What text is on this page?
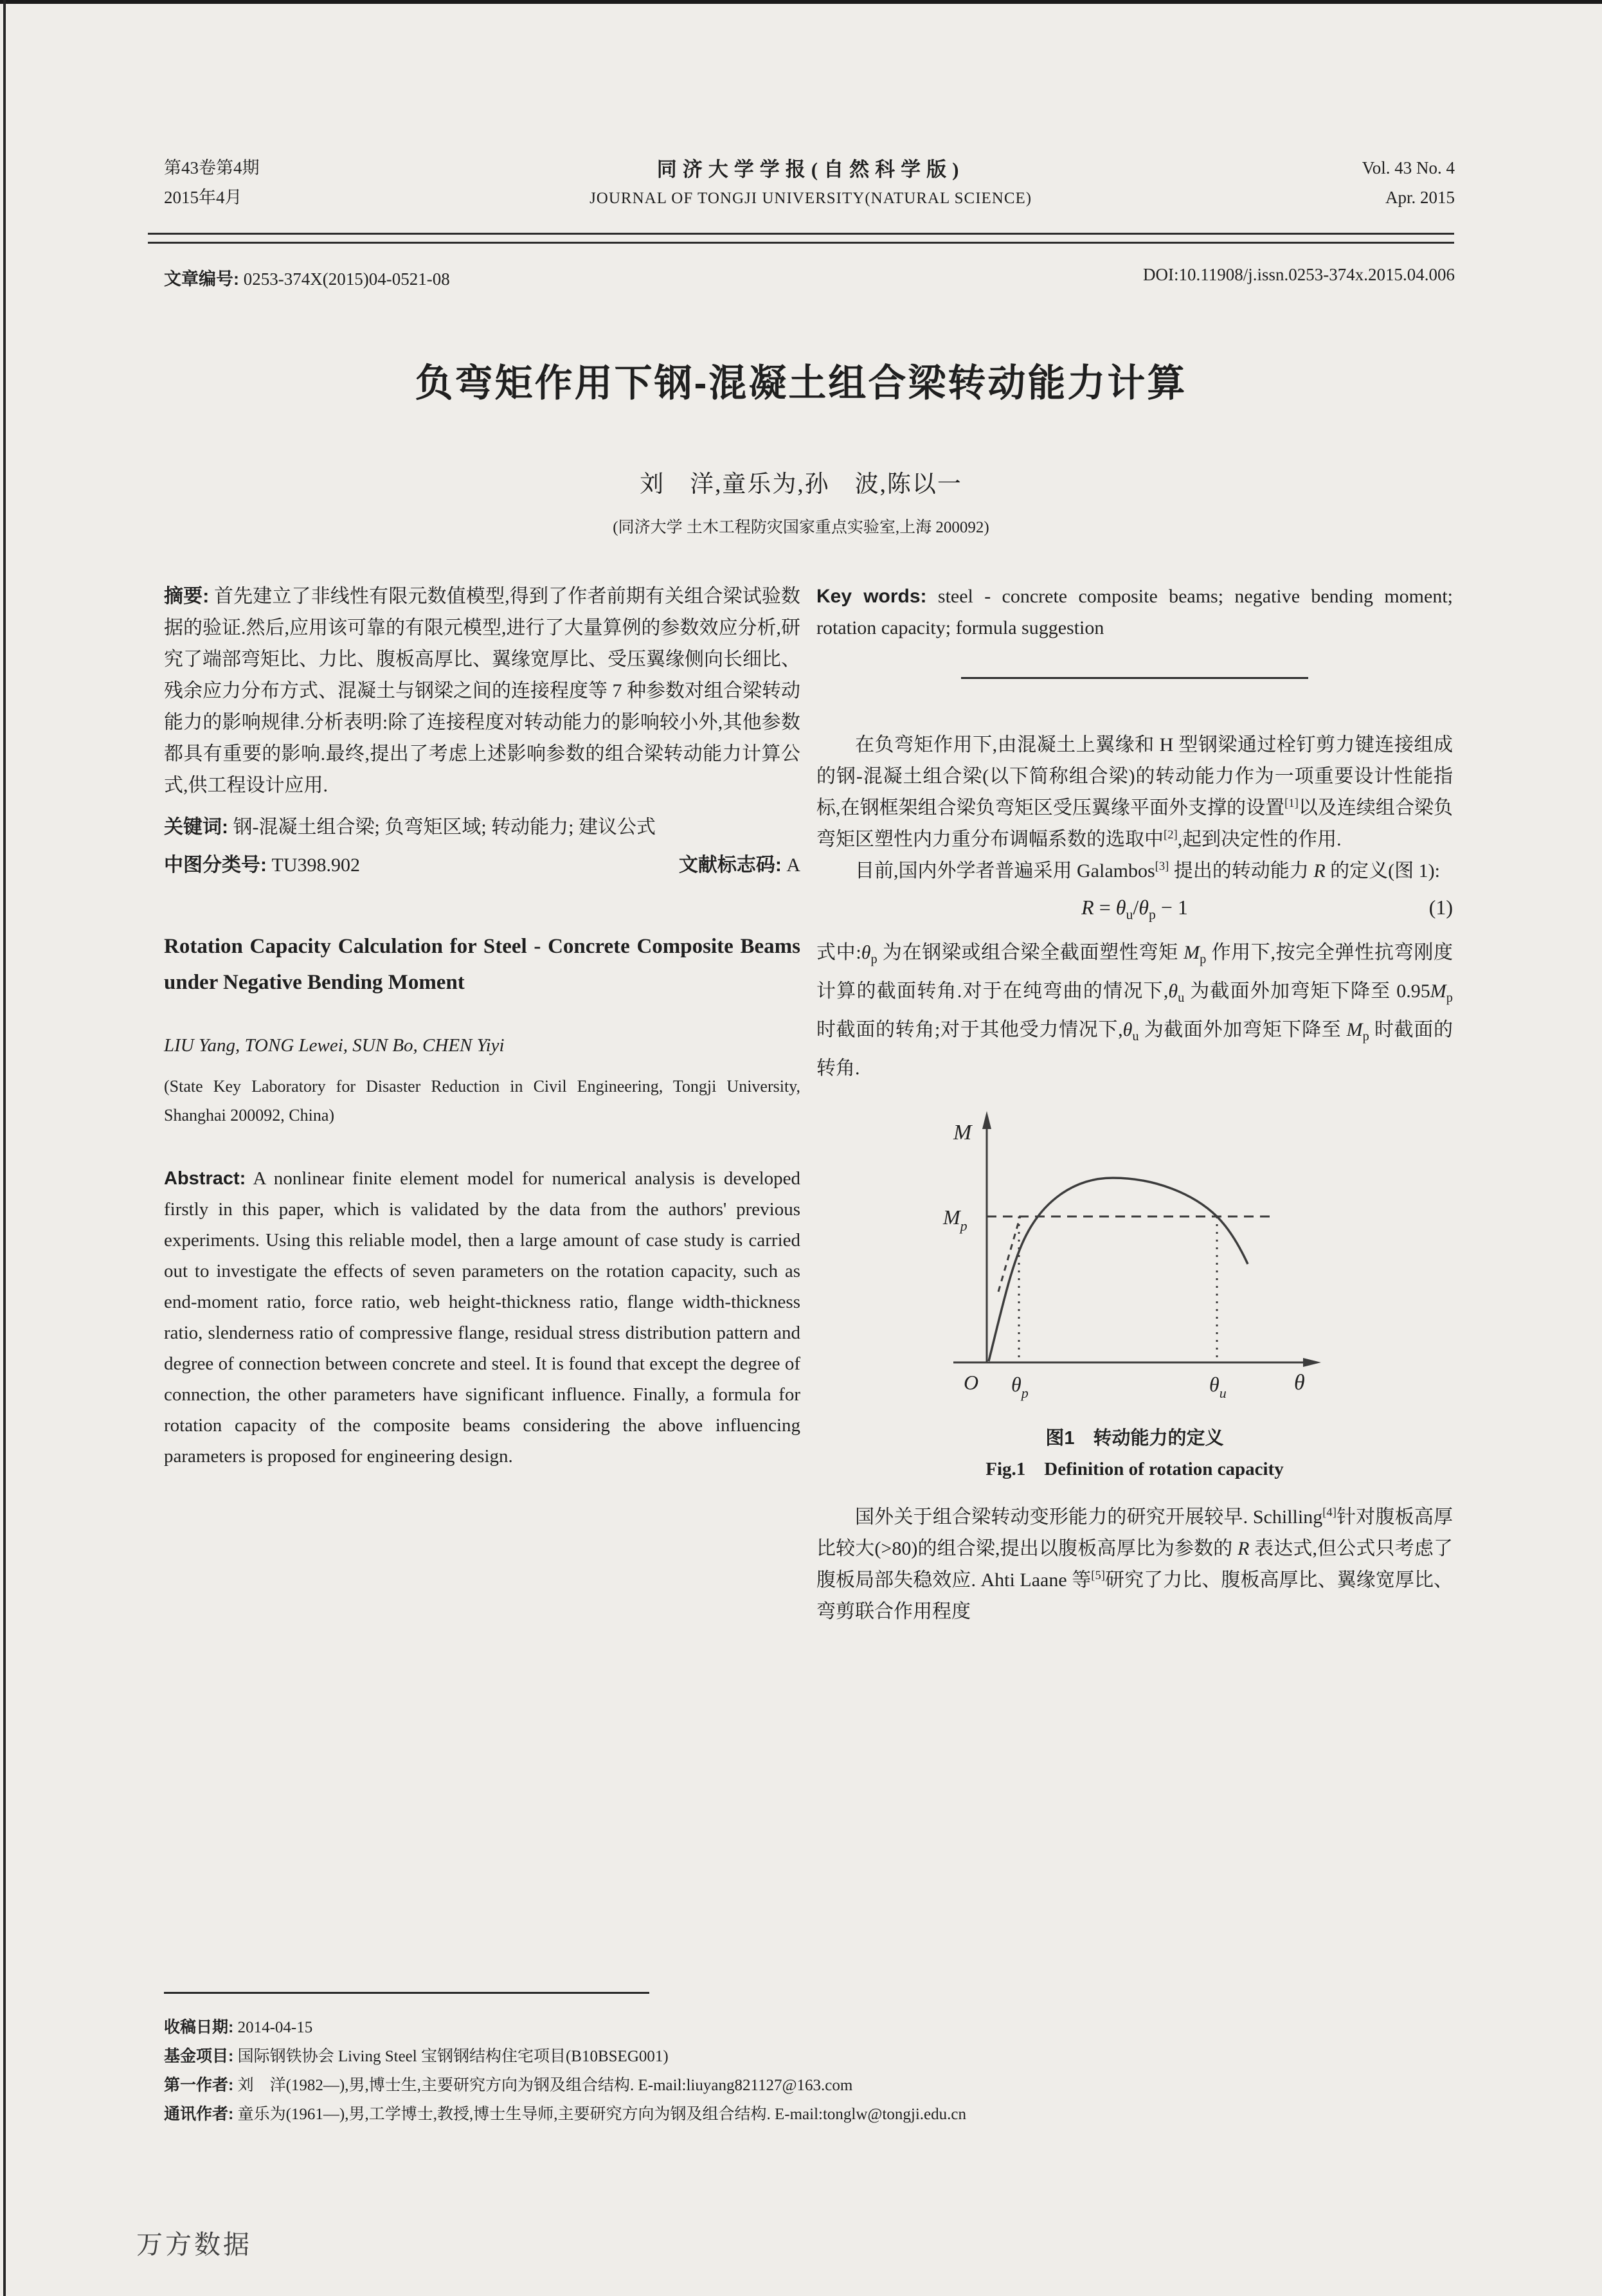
第43卷第4期
2015年4月
同济大学学报(自然科学版)
JOURNAL OF TONGJI UNIVERSITY(NATURAL SCIENCE)
Vol. 43 No. 4
Apr. 2015
文章编号: 0253-374X(2015)04-0521-08	DOI:10.11908/j.issn.0253-374x.2015.04.006
负弯矩作用下钢-混凝土组合梁转动能力计算
刘　洋,童乐为,孙　波,陈以一
(同济大学 土木工程防灾国家重点实验室,上海 200092)
摘要: 首先建立了非线性有限元数值模型,得到了作者前期有关组合梁试验数据的验证.然后,应用该可靠的有限元模型,进行了大量算例的参数效应分析,研究了端部弯矩比、力比、腹板高厚比、翼缘宽厚比、受压翼缘侧向长细比、残余应力分布方式、混凝土与钢梁之间的连接程度等 7 种参数对组合梁转动能力的影响规律.分析表明:除了连接程度对转动能力的影响较小外,其他参数都具有重要的影响.最终,提出了考虑上述影响参数的组合梁转动能力计算公式,供工程设计应用.
关键词: 钢-混凝土组合梁; 负弯矩区域; 转动能力; 建议公式
中图分类号: TU398.902	文献标志码: A
Rotation Capacity Calculation for Steel - Concrete Composite Beams under Negative Bending Moment
LIU Yang, TONG Lewei, SUN Bo, CHEN Yiyi
(State Key Laboratory for Disaster Reduction in Civil Engineering, Tongji University, Shanghai 200092, China)
Abstract: A nonlinear finite element model for numerical analysis is developed firstly in this paper, which is validated by the data from the authors' previous experiments. Using this reliable model, then a large amount of case study is carried out to investigate the effects of seven parameters on the rotation capacity, such as end-moment ratio, force ratio, web height-thickness ratio, flange width-thickness ratio, slenderness ratio of compressive flange, residual stress distribution pattern and degree of connection between concrete and steel. It is found that except the degree of connection, the other parameters have significant influence. Finally, a formula for rotation capacity of the composite beams considering the above influencing parameters is proposed for engineering design.
Key words: steel - concrete composite beams; negative bending moment; rotation capacity; formula suggestion
在负弯矩作用下,由混凝土上翼缘和 H 型钢梁通过栓钉剪力键连接组成的钢-混凝土组合梁(以下简称组合梁)的转动能力作为一项重要设计性能指标,在钢框架组合梁负弯矩区受压翼缘平面外支撑的设置[1]以及连续组合梁负弯矩区塑性内力重分布调幅系数的选取中[2],起到决定性的作用.
目前,国内外学者普遍采用 Galambos[3] 提出的转动能力 R 的定义(图 1):
$R = \theta_u/\theta_p - 1$	(1)
式中$:\theta_p$ 为在钢梁或组合梁全截面塑性弯矩 $M_p$ 作用下,按完全弹性抗弯刚度计算的截面转角.对于在纯弯曲的情况下$,\theta_u$ 为截面外加弯矩下降至 $0.95M_p$ 时截面的转角;对于其他受力情况下$,\theta_u$ 为截面外加弯矩下降至 $M_p$ 时截面的转角.
M
$M_p$
O $\theta_p$	$\theta_u$	θ
图1　转动能力的定义
Fig.1　Definition of rotation capacity
国外关于组合梁转动变形能力的研究开展较早. Schilling[4]针对腹板高厚比较大(>80)的组合梁,提出以腹板高厚比为参数的 R 表达式,但公式只考虑了腹板局部失稳效应. Ahti Laane 等[5]研究了力比、腹板高厚比、翼缘宽厚比、弯剪联合作用程度
收稿日期: 2014-04-15
基金项目: 国际钢铁协会 Living Steel 宝钢钢结构住宅项目(B10BSEG001)
第一作者: 刘　洋(1982—),男,博士生,主要研究方向为钢及组合结构. E-mail:liuyang821127@163.com
通讯作者: 童乐为(1961—),男,工学博士,教授,博士生导师,主要研究方向为钢及组合结构. E-mail:tonglw@tongji.edu.cn
万方数据
